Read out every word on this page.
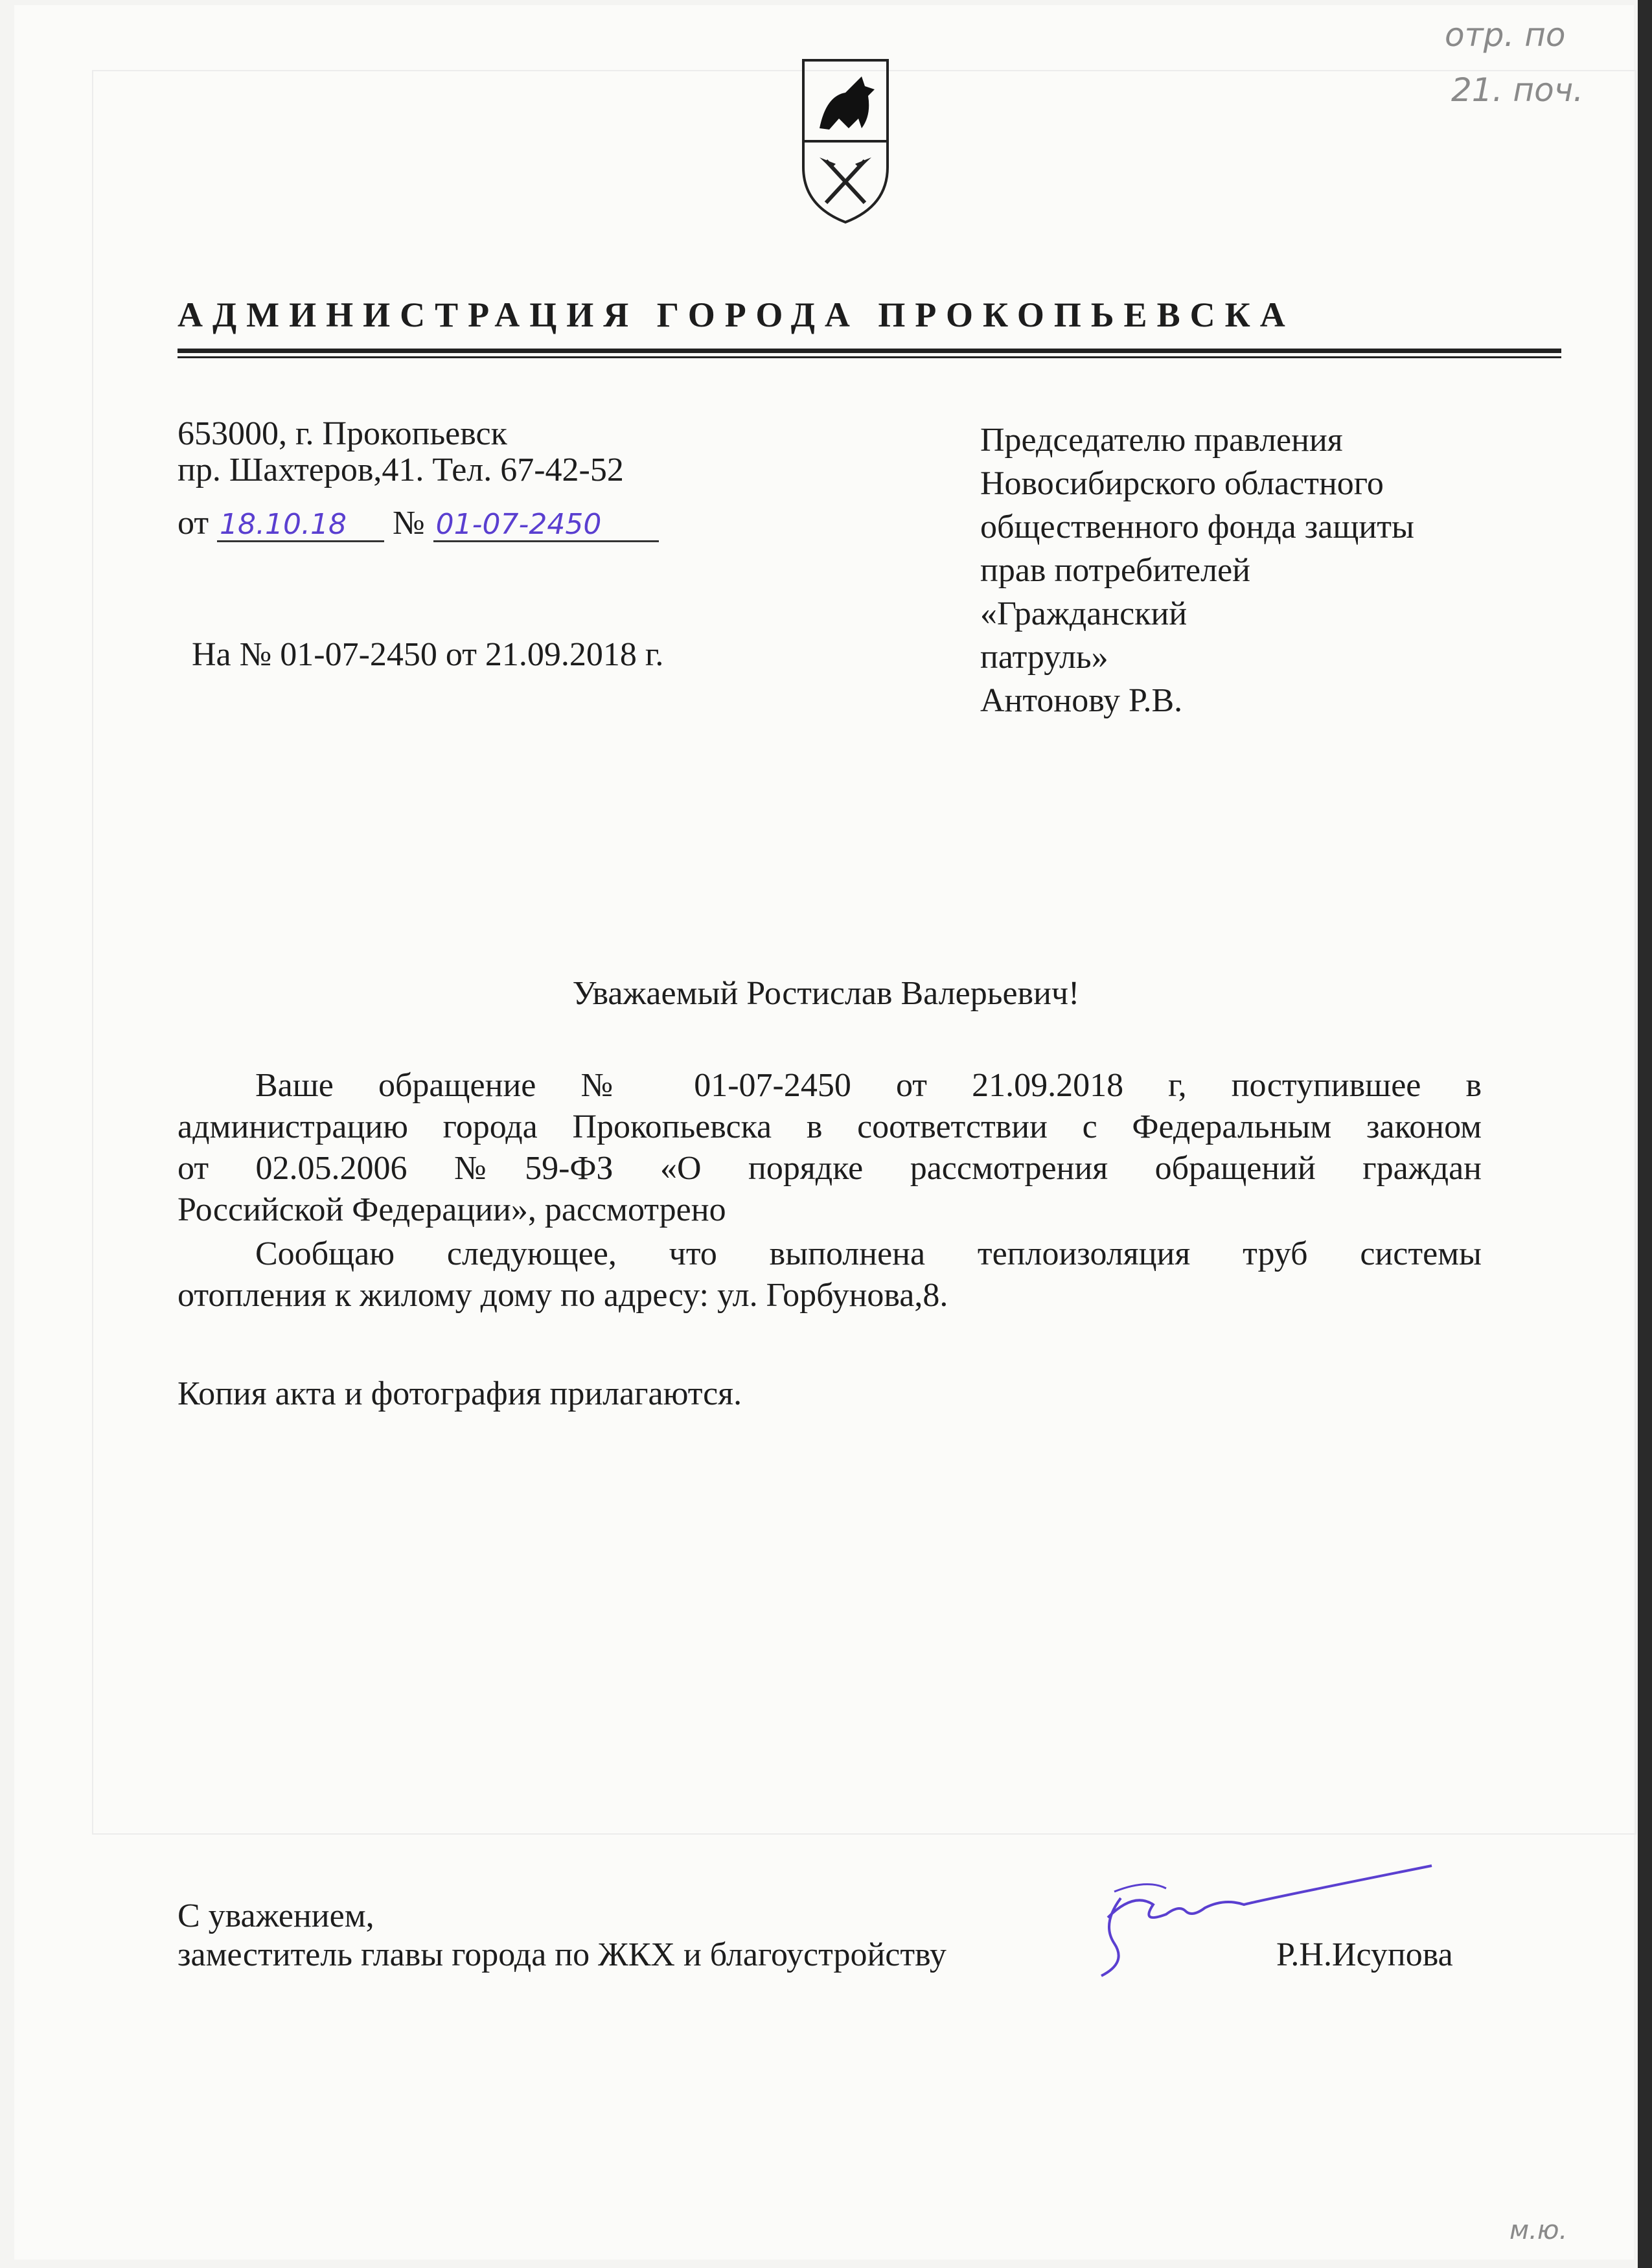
АДМИНИСТРАЦИЯ ГОРОДА ПРОКОПЬЕВСКА
653000, г. Прокопьевск
пр. Шахтеров,41. Тел. 67-42-52
от 18.10.18 № 01-07-2450
На № 01-07-2450 от 21.09.2018 г.
Председателю правления
Новосибирского областного
общественного фонда защиты
прав потребителей
«Гражданский
патруль»
Антонову Р.В.
Уважаемый Ростислав Валерьевич!
Ваше обращение № 01-07-2450 от 21.09.2018 г, поступившее в
администрацию города Прокопьевска в соответствии с Федеральным законом
от 02.05.2006 №59-ФЗ «О порядке рассмотрения обращений граждан
Российской Федерации», рассмотрено
Сообщаю следующее, что выполнена теплоизоляция труб системы
отопления к жилому дому по адресу: ул. Горбунова,8.
Копия акта и фотография прилагаются.
С уважением,
заместитель главы города по ЖКХ и благоустройству	Р.Н.Исупова
отр. по
21. поч.
м.ю.
